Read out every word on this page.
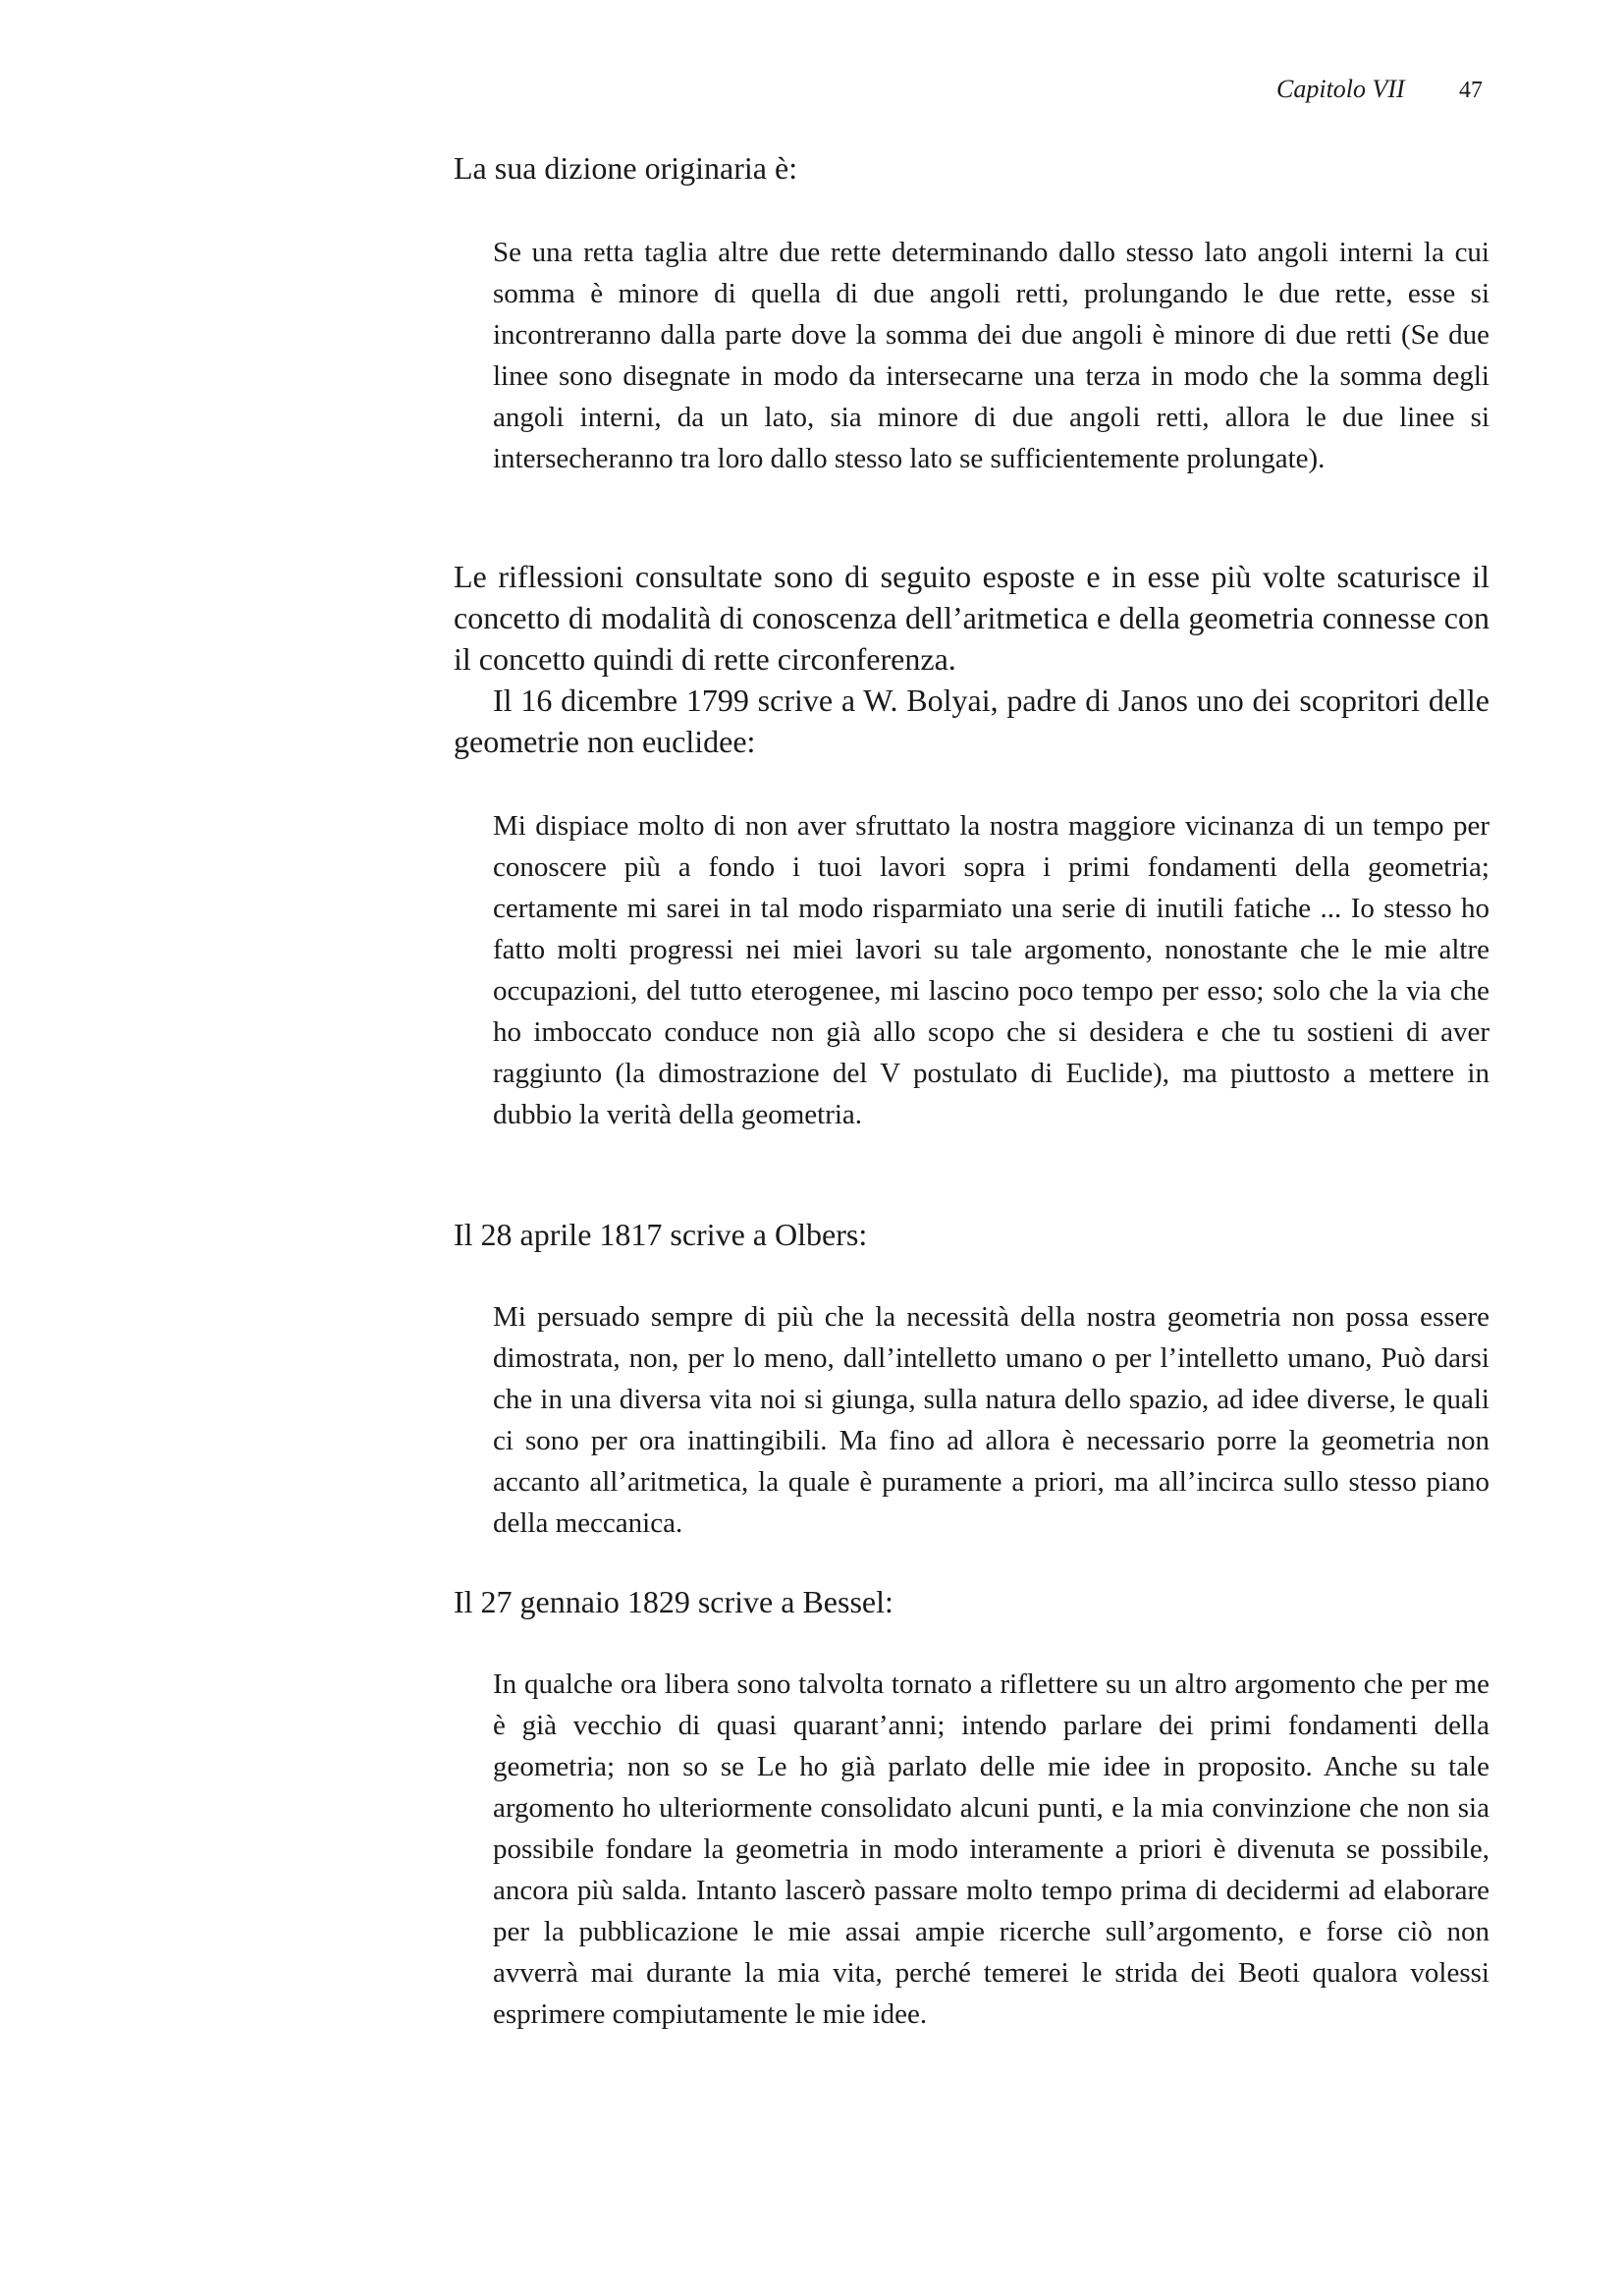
Capitolo VII 47

La sua dizione originaria è:

Se una retta taglia altre due rette determinando dallo stesso lato angoli interni la cui somma è minore di quella di due angoli retti, prolungando le due rette, esse si incontreranno dalla parte dove la somma dei due angoli è minore di due retti (Se due linee sono disegnate in modo da intersecarne una terza in modo che la somma degli angoli interni, da un lato, sia minore di due angoli retti, allora le due linee si intersecheranno tra loro dallo stesso lato se sufficientemente prolungate).

Le riflessioni consultate sono di seguito esposte e in esse più volte scaturisce il concetto di modalità di conoscenza dell’aritmetica e della geometria connesse con il concetto quindi di rette circonferenza.

Il 16 dicembre 1799 scrive a W. Bolyai, padre di Janos uno dei scopritori delle geometrie non euclidee:

Mi dispiace molto di non aver sfruttato la nostra maggiore vicinanza di un tempo per conoscere più a fondo i tuoi lavori sopra i primi fondamenti della geometria; certamente mi sarei in tal modo risparmiato una serie di inutili fatiche ... Io stesso ho fatto molti progressi nei miei lavori su tale argomento, nonostante che le mie altre occupazioni, del tutto eterogenee, mi lascino poco tempo per esso; solo che la via che ho imboccato conduce non già allo scopo che si desidera e che tu sostieni di aver raggiunto (la dimostrazione del V postulato di Euclide), ma piuttosto a mettere in dubbio la verità della geometria.

Il 28 aprile 1817 scrive a Olbers:

Mi persuado sempre di più che la necessità della nostra geometria non possa essere dimostrata, non, per lo meno, dall’intelletto umano o per l’intelletto umano, Può darsi che in una diversa vita noi si giunga, sulla natura dello spazio, ad idee diverse, le quali ci sono per ora inattingibili. Ma fino ad allora è necessario porre la geometria non accanto all’aritmetica, la quale è puramente a priori, ma all’incirca sullo stesso piano della meccanica.

Il 27 gennaio 1829 scrive a Bessel:

In qualche ora libera sono talvolta tornato a riflettere su un altro argomento che per me è già vecchio di quasi quarant’anni; intendo parlare dei primi fondamenti della geometria; non so se Le ho già parlato delle mie idee in proposito. Anche su tale argomento ho ulteriormente consolidato alcuni punti, e la mia convinzione che non sia possibile fondare la geometria in modo interamente a priori è divenuta se possibile, ancora più salda. Intanto lascerò passare molto tempo prima di decidermi ad elaborare per la pubblicazione le mie assai ampie ricerche sull’argomento, e forse ciò non avverrà mai durante la mia vita, perché temerei le strida dei Beoti qualora volessi esprimere compiutamente le mie idee.
